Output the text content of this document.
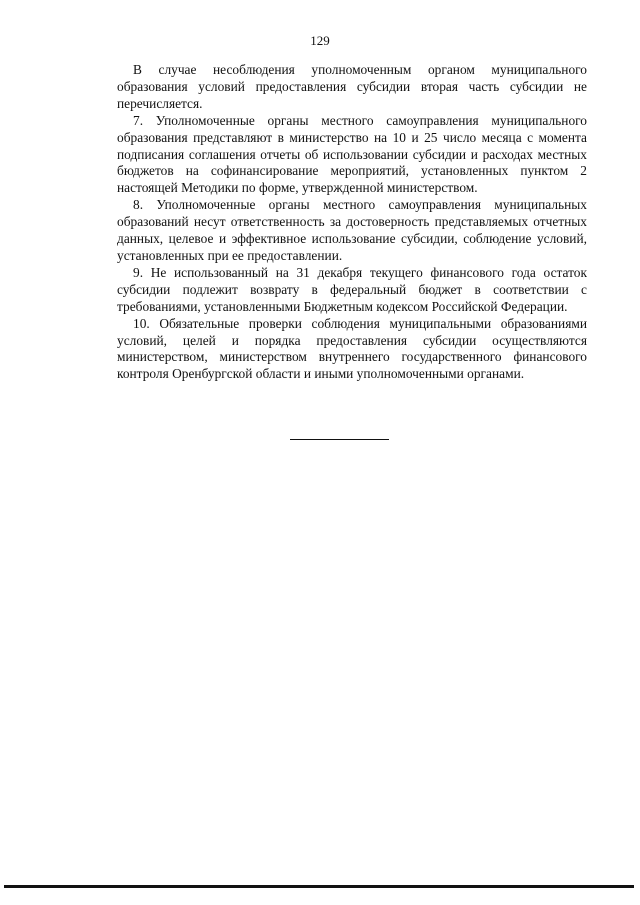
129

В случае несоблюдения уполномоченным органом муниципального образования условий предоставления субсидии вторая часть субсидии не перечисляется.

7. Уполномоченные органы местного самоуправления муниципального образования представляют в министерство на 10 и 25 число месяца с момента подписания соглашения отчеты об использовании субсидии и расходах местных бюджетов на софинансирование мероприятий, установленных пунктом 2 настоящей Методики по форме, утвержденной министерством.

8. Уполномоченные органы местного самоуправления муниципальных образований несут ответственность за достоверность представляемых отчетных данных, целевое и эффективное использование субсидии, соблюдение условий, установленных при ее предоставлении.

9. Не использованный на 31 декабря текущего финансового года остаток субсидии подлежит возврату в федеральный бюджет в соответствии с требованиями, установленными Бюджетным кодексом Российской Федерации.

10. Обязательные проверки соблюдения муниципальными образованиями условий, целей и порядка предоставления субсидии осуществляются министерством, министерством внутреннего государственного финансового контроля Оренбургской области и иными уполномоченными органами.
